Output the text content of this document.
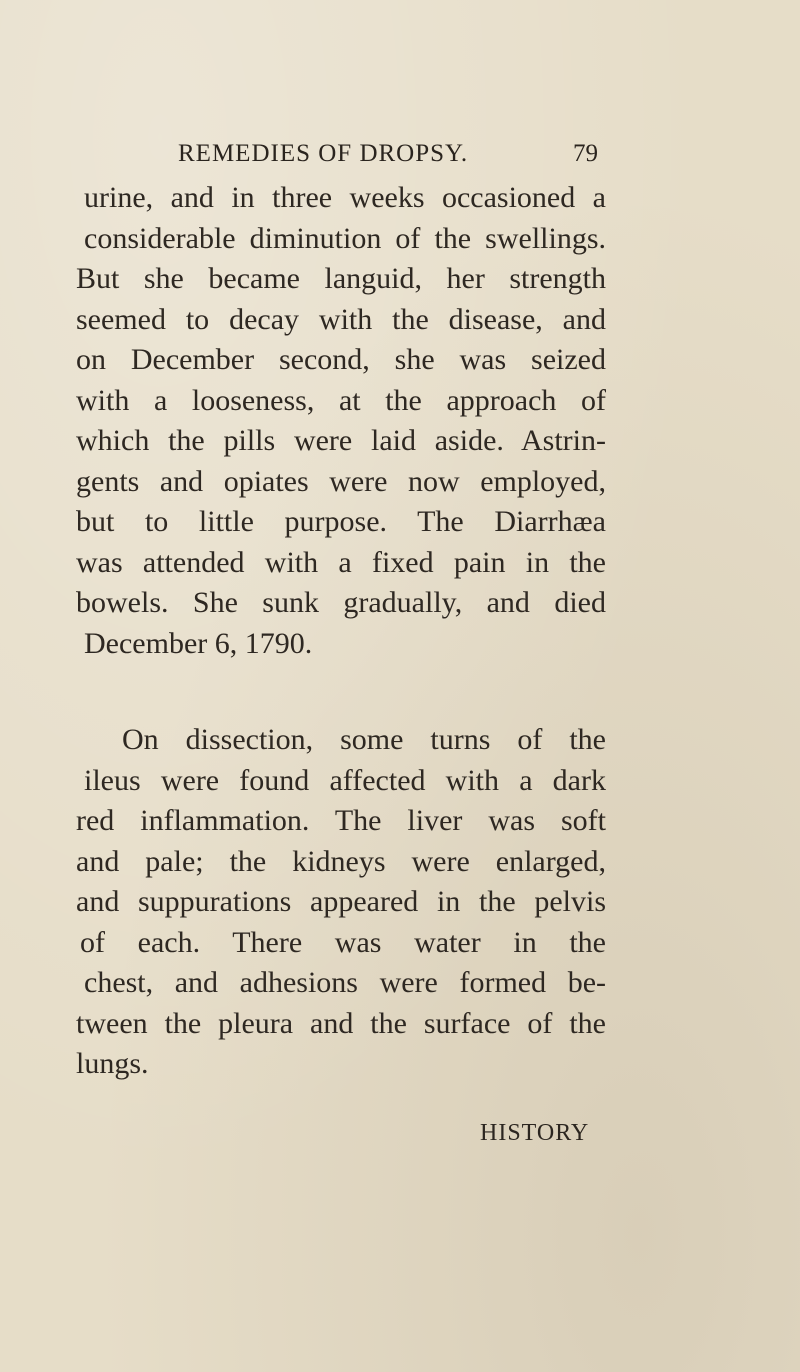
REMEDIES OF DROPSY.	79

urine, and in three weeks occasioned a
considerable diminution of the swellings.
But she became languid, her strength
seemed to decay with the disease, and
on December second, she was seized
with a looseness, at the approach of
which the pills were laid aside. Astrin-
gents and opiates were now employed,
but to little purpose. The Diarrhæa
was attended with a fixed pain in the
bowels. She sunk gradually, and died
December 6, 1790.

On dissection, some turns of the
ileus were found affected with a dark
red inflammation. The liver was soft
and pale; the kidneys were enlarged,
and suppurations appeared in the pelvis
of each. There was water in the
chest, and adhesions were formed be-
tween the pleura and the surface of the
lungs.

HISTORY
